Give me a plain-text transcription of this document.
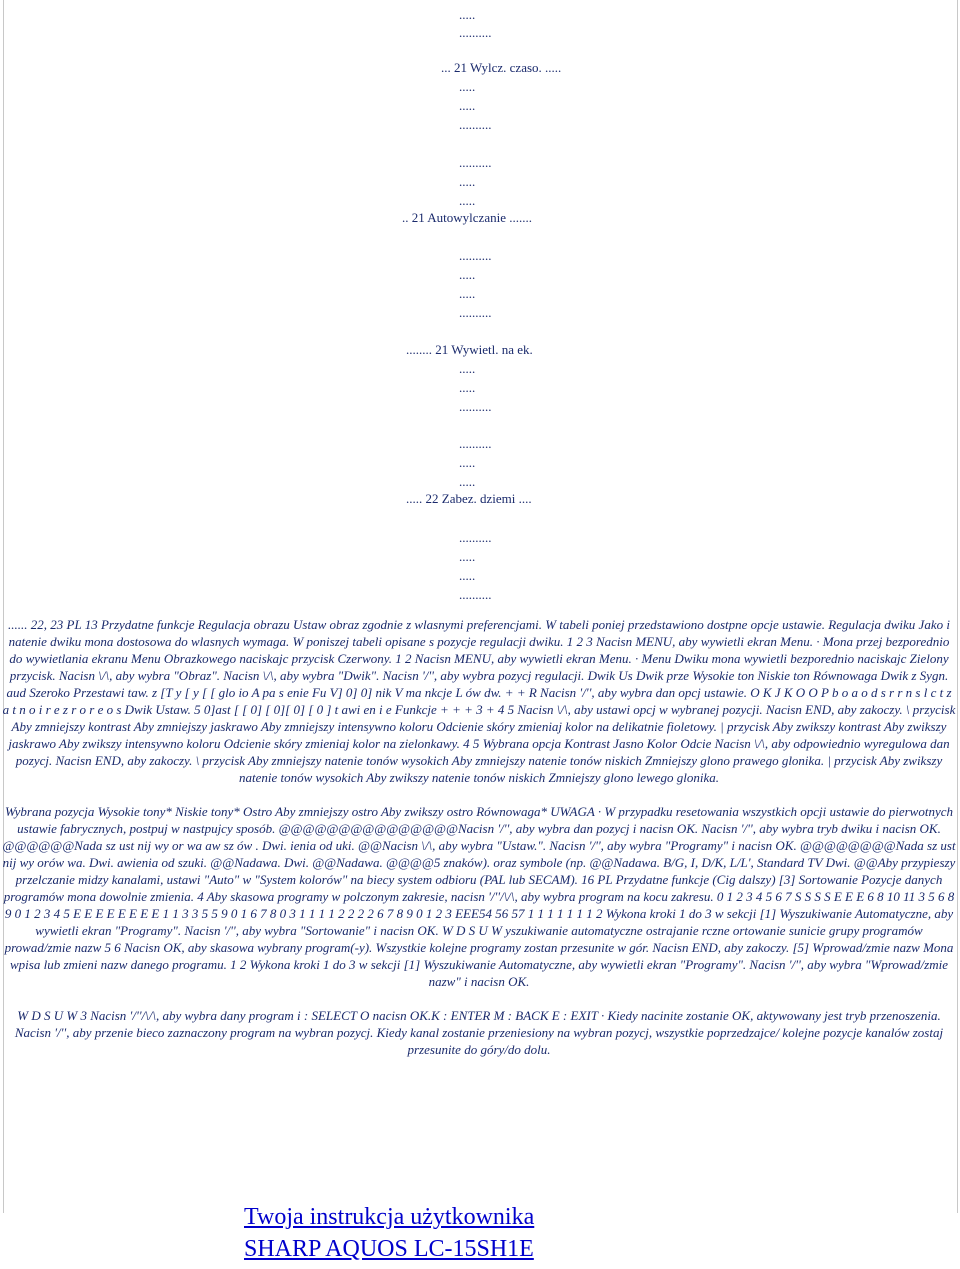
.....
..........
... 21 Wylcz. czaso. .....
.....
.....
..........
..........
.....
.....
.. 21 Autowylczanie .......
..........
.....
.....
..........
........ 21 Wywietl. na ek.
.....
.....
..........
..........
.....
.....
..... 22 Zabez. dziemi ....
..........
.....
.....
..........

...... 22, 23 PL 13 Przydatne funkcje Regulacja obrazu Ustaw obraz zgodnie z wlasnymi preferencjami. W tabeli poniej przedstawiono dostpne opcje ustawie. Regulacja dwiku Jako i natenie dwiku mona dostosowa do wlasnych wymaga. W poniszej tabeli opisane s pozycje regulacji dwiku. 1 2 3 Nacisn MENU, aby wywietli ekran Menu. · Mona przej bezporednio do wywietlania ekranu Menu Obrazkowego naciskajc przycisk Czerwony. 1 2 Nacisn MENU, aby wywietli ekran Menu. · Menu Dwiku mona wywietli bezporednio naciskajc Zielony przycisk. Nacisn \/\, aby wybra "Obraz". Nacisn \/\, aby wybra "Dwik". Nacisn '/'', aby wybra pozycj regulacji. Dwik Us Dwik prze Wysokie ton Niskie ton Równowaga Dwik z Sygn. aud Szeroko Przestawi taw. z [T y [ y [ [ glo io A pa s enie Fu V] 0] 0] nik V ma nkcje L ów dw. + + R Nacisn '/'', aby wybra dan opcj ustawie. O K J K O O P b o a o d s r r n s l c t z a t n o i r e z r o r e o s Dwik Ustaw. 5 0]ast [ [ 0] [ 0][ 0] [ 0 ] t awi en i e Funkcje + + + 3 + 4 5 Nacisn \/\, aby ustawi opcj w wybranej pozycji. Nacisn END, aby zakoczy. \ przycisk Aby zmniejszy kontrast Aby zmniejszy jaskrawo Aby zmniejszy intensywno koloru Odcienie skóry zmieniaj kolor na delikatnie fioletowy. | przycisk Aby zwikszy kontrast Aby zwikszy jaskrawo Aby zwikszy intensywno koloru Odcienie skóry zmieniaj kolor na zielonkawy. 4 5 Wybrana opcja Kontrast Jasno Kolor Odcie Nacisn \/\, aby odpowiednio wyregulowa dan pozycj. Nacisn END, aby zakoczy. \ przycisk Aby zmniejszy natenie tonów wysokich Aby zmniejszy natenie tonów niskich Zmniejszy glono prawego glonika. | przycisk Aby zwikszy natenie tonów wysokich Aby zwikszy natenie tonów niskich Zmniejszy glono lewego glonika.

Wybrana pozycja Wysokie tony* Niskie tony* Ostro Aby zmniejszy ostro Aby zwikszy ostro Równowaga* UWAGA · W przypadku resetowania wszystkich opcji ustawie do pierwotnych ustawie fabrycznych, postpuj w nastpujcy sposób. @@@@@@@@@@@@@@@Nacisn '/'', aby wybra dan pozycj i nacisn OK. Nacisn '/'', aby wybra tryb dwiku i nacisn OK. @@@@@@Nada sz ust nij wy or wa aw sz ów . Dwi. ienia od uki. @@Nacisn \/\, aby wybra "Ustaw.". Nacisn '/'', aby wybra "Programy" i nacisn OK. @@@@@@@@Nada sz ust nij wy orów wa. Dwi. awienia od szuki. @@Nadawa. Dwi. @@Nadawa. @@@@5 znaków). oraz symbole (np. @@Nadawa. B/G, I, D/K, L/L', Standard TV Dwi. @@Aby przypieszy przelczanie midzy kanalami, ustawi "Auto" w "System kolorów" na biecy system odbioru (PAL lub SECAM). 16 PL Przydatne funkcje (Cig dalszy) [3] Sortowanie Pozycje danych programów mona dowolnie zmienia. 4 Aby skasowa programy w polczonym zakresie, nacisn '/''/\/\, aby wybra program na kocu zakresu. 0 1 2 3 4 5 6 7 S S S S E E E 6 8 10 11 3 5 6 8 9 0 1 2 3 4 5 E E E E E E E E 1 1 3 3 5 5 9 0 1 6 7 8 0 3 1 1 1 1 2 2 2 2 6 7 8 9 0 1 2 3 EEE54 56 57 1 1 1 1 1 1 1 2 Wykona kroki 1 do 3 w sekcji [1] Wyszukiwanie Automatyczne, aby wywietli ekran "Programy". Nacisn '/'', aby wybra "Sortowanie" i nacisn OK. W D S U W yszukiwanie automatyczne ostrajanie rczne ortowanie sunicie grupy programów prowad/zmie nazw 5 6 Nacisn OK, aby skasowa wybrany program(-y). Wszystkie kolejne programy zostan przesunite w gór. Nacisn END, aby zakoczy. [5] Wprowad/zmie nazw Mona wpisa lub zmieni nazw danego programu. 1 2 Wykona kroki 1 do 3 w sekcji [1] Wyszukiwanie Automatyczne, aby wywietli ekran "Programy". Nacisn '/'', aby wybra "Wprowad/zmie nazw" i nacisn OK.

W D S U W 3 Nacisn '/''/\/\, aby wybra dany program i : SELECT O nacisn OK.K : ENTER M : BACK E : EXIT · Kiedy nacinite zostanie OK, aktywowany jest tryb przenoszenia. Nacisn '/'', aby przenie bieco zaznaczony program na wybran pozycj. Kiedy kanal zostanie przeniesiony na wybran pozycj, wszystkie poprzedzajce/ kolejne pozycje kanalów zostaj przesunite do góry/do dolu.

Twoja instrukcja użytkownika
SHARP AQUOS LC-15SH1E
